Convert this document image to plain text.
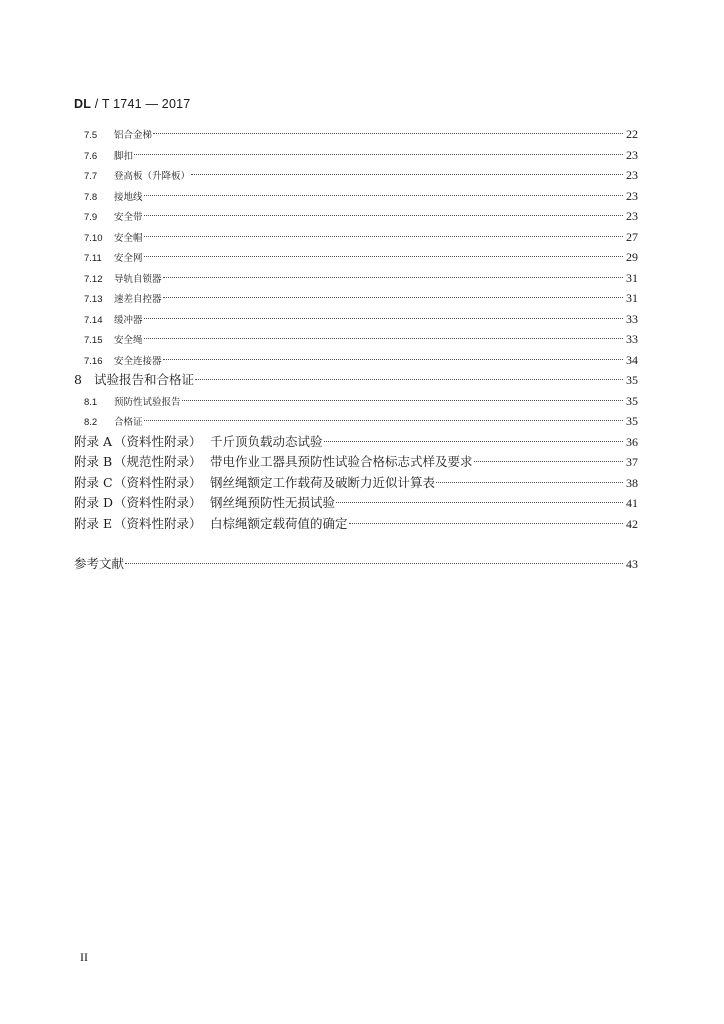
DL / T 1741 — 2017
7.5	铝合金梯	22
7.6	脚扣	23
7.7	登高板（升降板）	23
7.8	接地线	23
7.9	安全带	23
7.10	安全帽	27
7.11	安全网	29
7.12	导轨自锁器	31
7.13	速差自控器	31
7.14	缓冲器	33
7.15	安全绳	33
7.16	安全连接器	34
8 试验报告和合格证	35
8.1	预防性试验报告	35
8.2	合格证	35
附录 A （资料性附录） 千斤顶负载动态试验	36
附录 B （规范性附录） 带电作业工器具预防性试验合格标志式样及要求	37
附录 C （资料性附录） 钢丝绳额定工作载荷及破断力近似计算表	38
附录 D （资料性附录） 钢丝绳预防性无损试验	41
附录 E （资料性附录） 白棕绳额定载荷值的确定	42
参考文献	43
II
